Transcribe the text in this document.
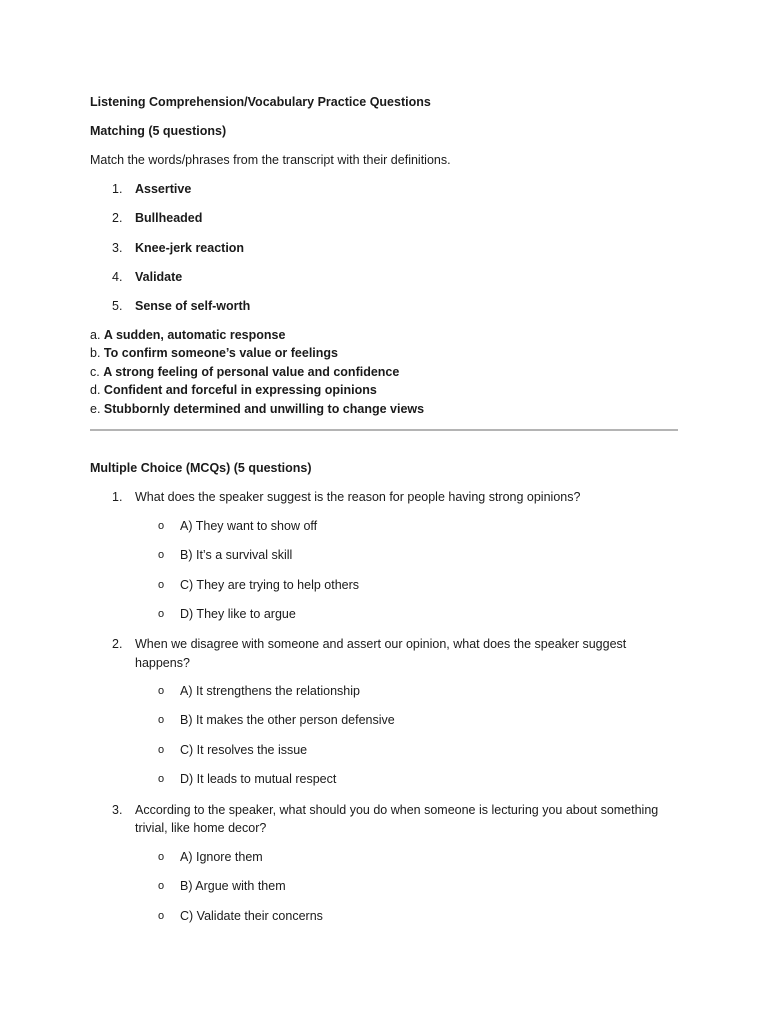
Listening Comprehension/Vocabulary Practice Questions
Matching (5 questions)
Match the words/phrases from the transcript with their definitions.
1. Assertive
2. Bullheaded
3. Knee-jerk reaction
4. Validate
5. Sense of self-worth
a. A sudden, automatic response
b. To confirm someone’s value or feelings
c. A strong feeling of personal value and confidence
d. Confident and forceful in expressing opinions
e. Stubbornly determined and unwilling to change views
Multiple Choice (MCQs) (5 questions)
1. What does the speaker suggest is the reason for people having strong opinions?
o A) They want to show off
o B) It’s a survival skill
o C) They are trying to help others
o D) They like to argue
2. When we disagree with someone and assert our opinion, what does the speaker suggest
happens?
o A) It strengthens the relationship
o B) It makes the other person defensive
o C) It resolves the issue
o D) It leads to mutual respect
3. According to the speaker, what should you do when someone is lecturing you about something
trivial, like home decor?
o A) Ignore them
o B) Argue with them
o C) Validate their concerns
